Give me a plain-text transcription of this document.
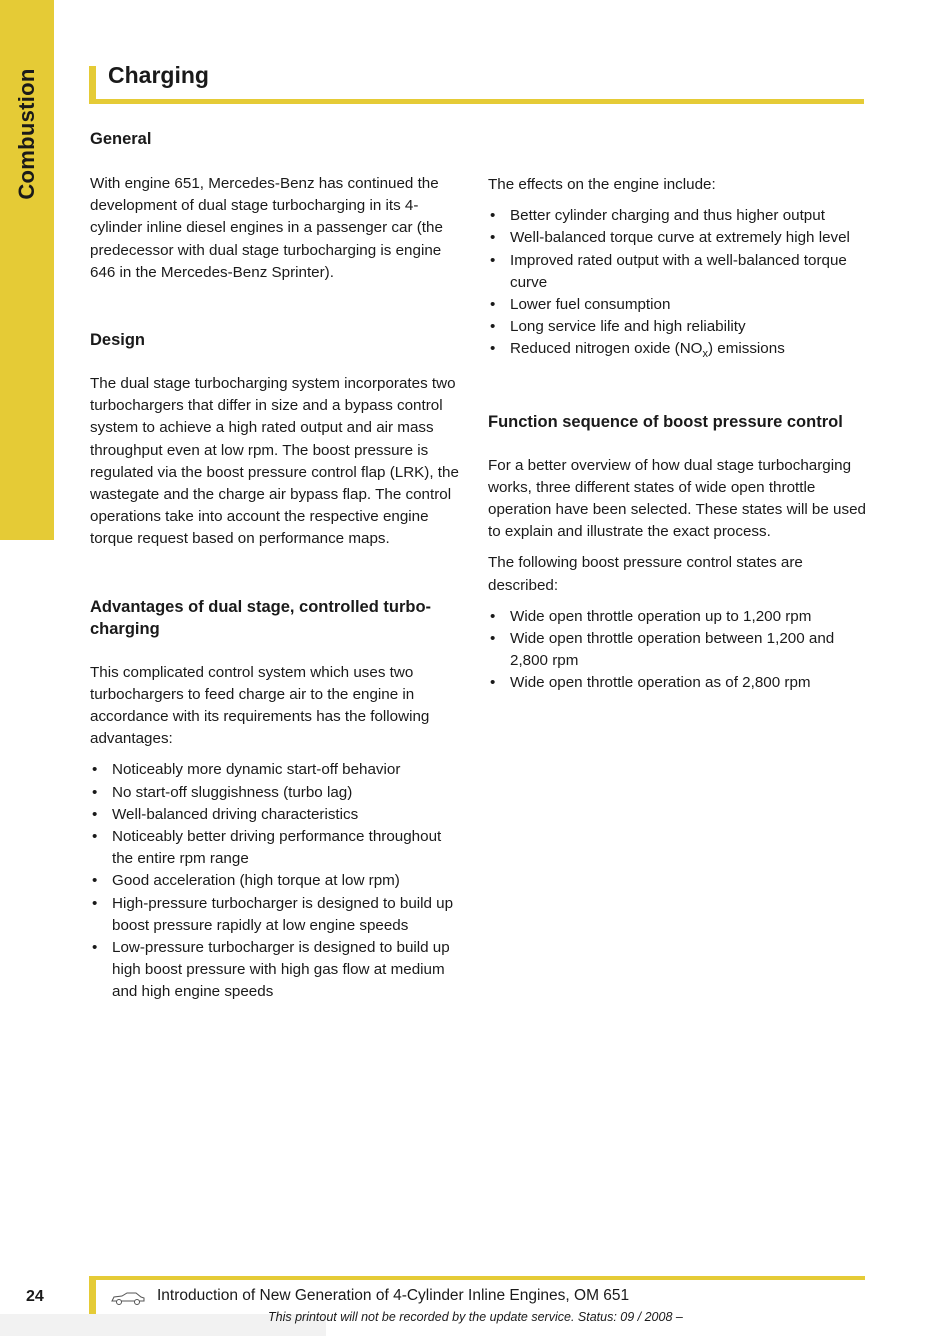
Combustion	Charging
General

With engine 651, Mercedes-Benz has continued the development of dual stage turbocharging in its 4-cylinder inline diesel engines in a passenger car (the predecessor with dual stage turbocharging is engine 646 in the Mercedes-Benz Sprinter).

Design

The dual stage turbocharging system incorporates two turbochargers that differ in size and a bypass control system to achieve a high rated output and air mass throughput even at low rpm. The boost pressure is regulated via the boost pressure control flap (LRK), the wastegate and the charge air bypass flap. The control operations take into account the respective engine torque request based on performance maps.

Advantages of dual stage, controlled turbo-charging

This complicated control system which uses two turbochargers to feed charge air to the engine in accordance with its requirements has the following advantages:

• Noticeably more dynamic start-off behavior
• No start-off sluggishness (turbo lag)
• Well-balanced driving characteristics
• Noticeably better driving performance throughout the entire rpm range
• Good acceleration (high torque at low rpm)
• High-pressure turbocharger is designed to build up boost pressure rapidly at low engine speeds
• Low-pressure turbocharger is designed to build up high boost pressure with high gas flow at medium and high engine speeds

The effects on the engine include:

• Better cylinder charging and thus higher output
• Well-balanced torque curve at extremely high level
• Improved rated output with a well-balanced torque curve
• Lower fuel consumption
• Long service life and high reliability
• Reduced nitrogen oxide $(NO_x)$ emissions
Function sequence of boost pressure control

For a better overview of how dual stage turbocharging works, three different states of wide open throttle operation have been selected. These states will be used to explain and illustrate the exact process.

The following boost pressure control states are described:

• Wide open throttle operation up to 1,200 rpm
• Wide open throttle operation between 1,200 and 2,800 rpm
• Wide open throttle operation as of 2,800 rpm
24	Introduction of New Generation of 4-Cylinder Inline Engines, OM 651
This printout will not be recorded by the update service. Status: 09 / 2008 –
